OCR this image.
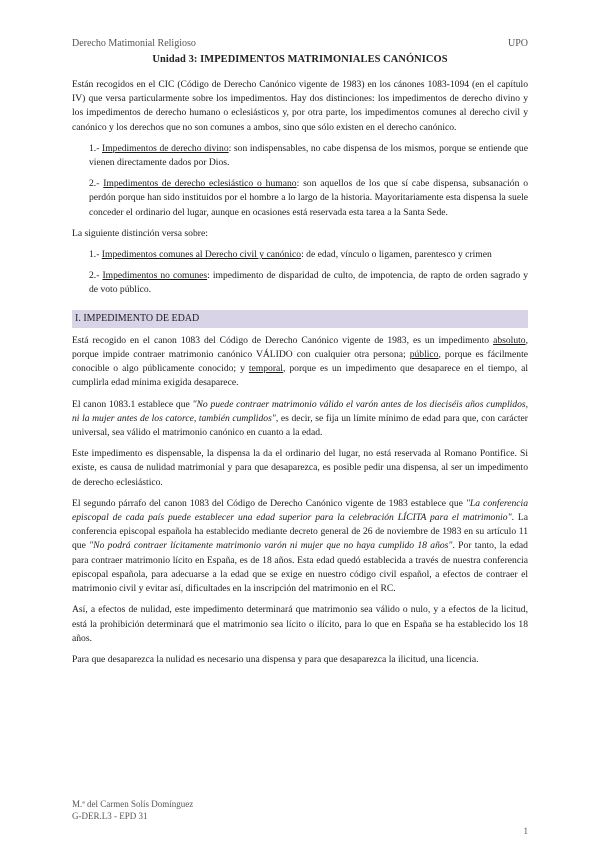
Derecho Matimonial Religioso	UPO
Unidad 3: IMPEDIMENTOS MATRIMONIALES CANÓNICOS

Están recogidos en el CIC (Código de Derecho Canónico vigente de 1983) en los cánones 1083-1094 (en el capítulo IV) que versa particularmente sobre los impedimentos. Hay dos distinciones: los impedimentos de derecho divino y los impedimentos de derecho humano o eclesiásticos y, por otra parte, los impedimentos comunes al derecho civil y canónico y los derechos que no son comunes a ambos, sino que sólo existen en el derecho canónico.

1.- Impedimentos de derecho divino: son indispensables, no cabe dispensa de los mismos, porque se entiende que vienen directamente dados por Dios.

2.- Impedimentos de derecho eclesiástico o humano: son aquellos de los que sí cabe dispensa, subsanación o perdón porque han sido instituidos por el hombre a lo largo de la historia. Mayoritariamente esta dispensa la suele conceder el ordinario del lugar, aunque en ocasiones está reservada esta tarea a la Santa Sede.

La siguiente distinción versa sobre:

1.- Impedimentos comunes al Derecho civil y canónico: de edad, vínculo o ligamen, parentesco y crimen

2.- Impedimentos no comunes: impedimento de disparidad de culto, de impotencia, de rapto de orden sagrado y de voto público.

I. IMPEDIMENTO DE EDAD

Está recogido en el canon 1083 del Código de Derecho Canónico vigente de 1983, es un impedimento absoluto, porque impide contraer matrimonio canónico VÁLIDO con cualquier otra persona; público, porque es fácilmente conocible o algo públicamente conocido; y temporal, porque es un impedimento que desaparece en el tiempo, al cumplirla edad mínima exigida desaparece.

El canon 1083.1 establece que "No puede contraer matrimonio válido el varón antes de los dieciséis años cumplidos, ni la mujer antes de los catorce, también cumplidos", es decir, se fija un límite mínimo de edad para que, con carácter universal, sea válido el matrimonio canónico en cuanto a la edad.

Este impedimento es dispensable, la dispensa la da el ordinario del lugar, no está reservada al Romano Pontifice. Si existe, es causa de nulidad matrimonial y para que desaparezca, es posible pedir una dispensa, al ser un impedimento de derecho eclesiástico.

El segundo párrafo del canon 1083 del Código de Derecho Canónico vigente de 1983 establece que "La conferencia episcopal de cada país puede establecer una edad superior para la celebración LÍCITA para el matrimonio". La conferencia episcopal española ha establecido mediante decreto general de 26 de noviembre de 1983 en su artículo 11 que "No podrá contraer lícitamente matrimonio varón ni mujer que no haya cumplido 18 años". Por tanto, la edad para contraer matrimonio lícito en España, es de 18 años. Esta edad quedó establecida a través de nuestra conferencia episcopal española, para adecuarse a la edad que se exige en nuestro código civil español, a efectos de contraer el matrimonio civil y evitar así, dificultades en la inscripción del matrimonio en el RC.

Así, a efectos de nulidad, este impedimento determinará que matrimonio sea válido o nulo, y a efectos de la licitud, está la prohibición determinará que el matrimonio sea lícito o ilícito, para lo que en España se ha establecido los 18 años.

Para que desaparezca la nulidad es necesario una dispensa y para que desaparezca la ilicitud, una licencia.

M.ª del Carmen Solís Domínguez
G-DER.L3 - EPD 31
1
